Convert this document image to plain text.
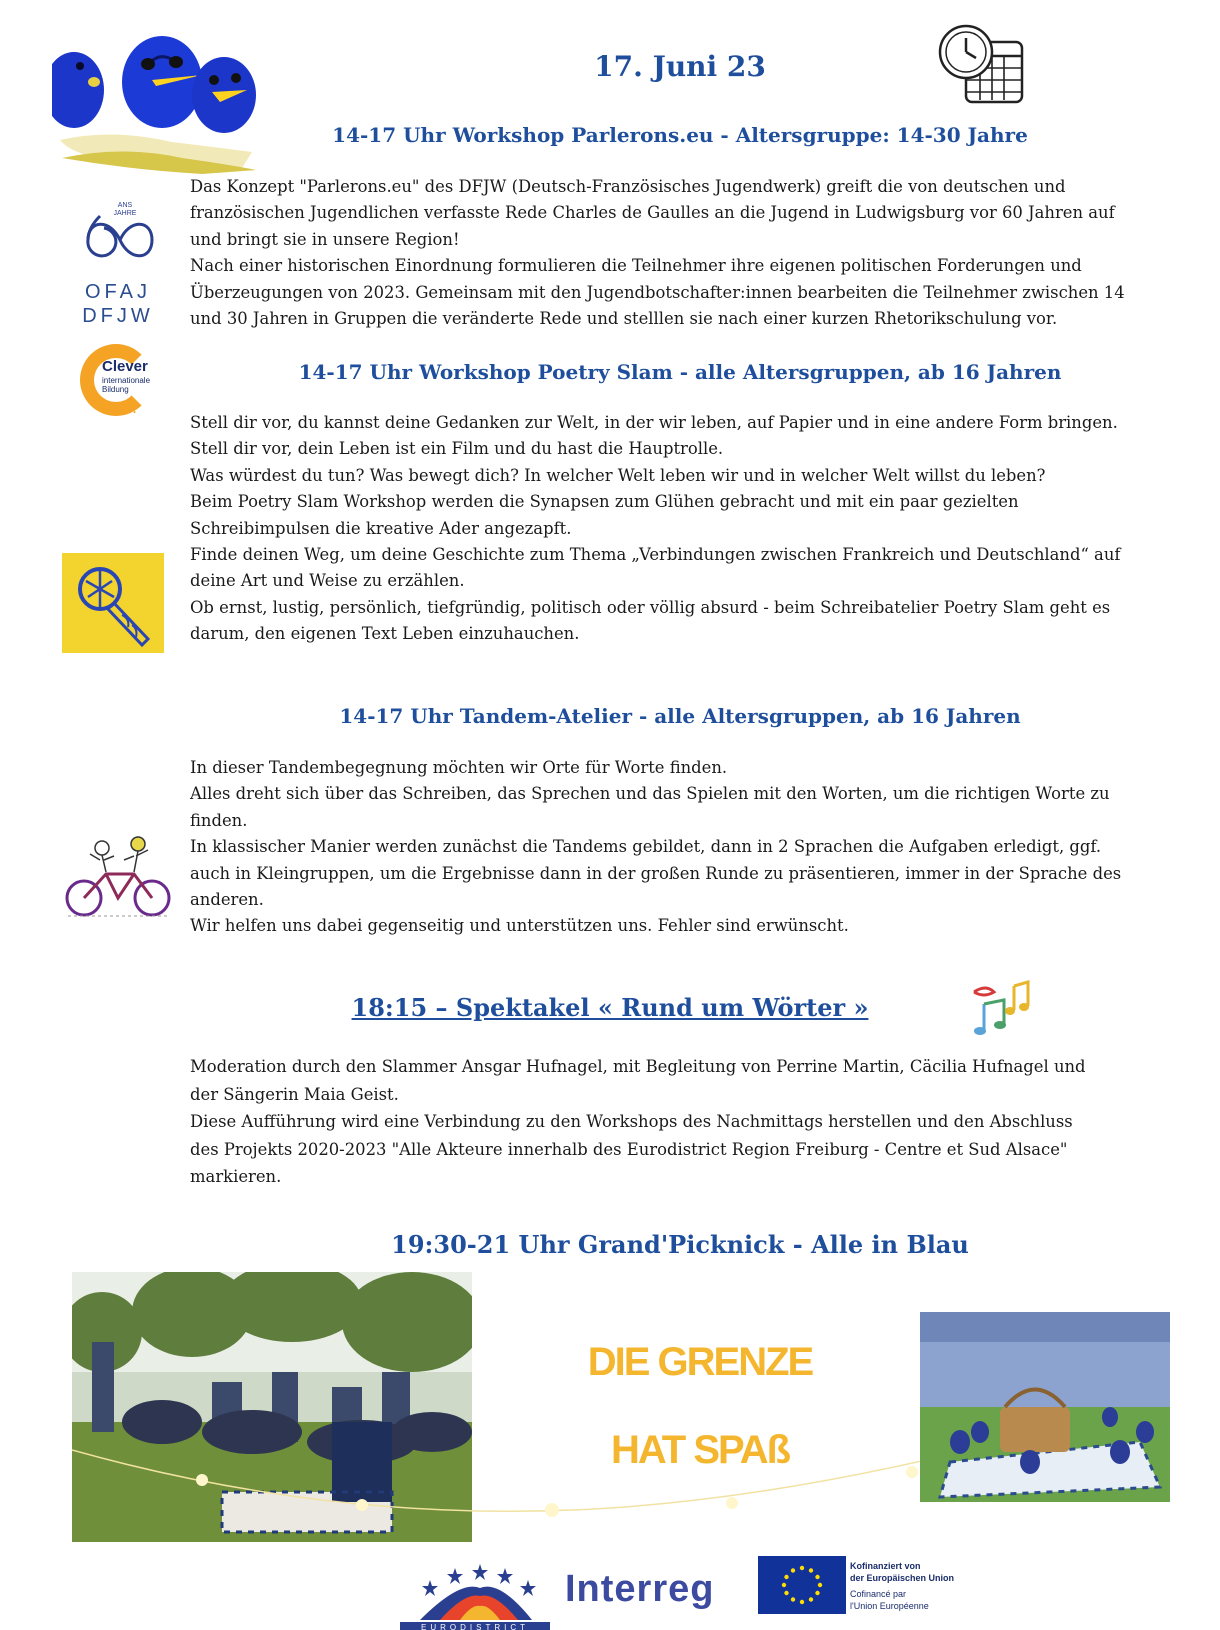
17. Juni 23
14-17 Uhr Workshop Parlerons.eu - Altersgruppe: 14-30 Jahre
ANS JAHRE
OFAJ
DFJW

Das Konzept "Parlerons.eu" des DFJW (Deutsch-Französisches Jugendwerk) greift die von deutschen und

französischen Jugendlichen verfasste Rede Charles de Gaulles an die Jugend in Ludwigsburg vor 60 Jahren auf

und bringt sie in unsere Region!

Nach einer historischen Einordnung formulieren die Teilnehmer ihre eigenen politischen Forderungen und

Überzeugungen von 2023. Gemeinsam mit den Jugendbotschafter:innen bearbeiten die Teilnehmer zwischen 14

und 30 Jahren in Gruppen die veränderte Rede und stelllen sie nach einer kurzen Rhetorikschulung vor.

Clever
internationale Bildung
e.V.
14-17 Uhr Workshop Poetry Slam - alle Altersgruppen, ab 16 Jahren

Stell dir vor, du kannst deine Gedanken zur Welt, in der wir leben, auf Papier und in eine andere Form bringen.

Stell dir vor, dein Leben ist ein Film und du hast die Hauptrolle.

Was würdest du tun? Was bewegt dich? In welcher Welt leben wir und in welcher Welt willst du leben?

Beim Poetry Slam Workshop werden die Synapsen zum Glühen gebracht und mit ein paar gezielten

Schreibimpulsen die kreative Ader angezapft.

Finde deinen Weg, um deine Geschichte zum Thema „Verbindungen zwischen Frankreich und Deutschland“ auf

deine Art und Weise zu erzählen.

Ob ernst, lustig, persönlich, tiefgründig, politisch oder völlig absurd - beim Schreibatelier Poetry Slam geht es

darum, den eigenen Text Leben einzuhauchen.

14-17 Uhr Tandem-Atelier - alle Altersgruppen, ab 16 Jahren

In dieser Tandembegegnung möchten wir Orte für Worte finden.

Alles dreht sich über das Schreiben, das Sprechen und das Spielen mit den Worten, um die richtigen Worte zu

finden.

In klassischer Manier werden zunächst die Tandems gebildet, dann in 2 Sprachen die Aufgaben erledigt, ggf.

auch in Kleingruppen, um die Ergebnisse dann in der großen Runde zu präsentieren, immer in der Sprache des

anderen.

Wir helfen uns dabei gegenseitig und unterstützen uns. Fehler sind erwünscht.

18:15 – Spektakel « Rund um Wörter »

Moderation durch den Slammer Ansgar Hufnagel, mit Begleitung von Perrine Martin, Cäcilia Hufnagel und

der Sängerin Maia Geist.

Diese Aufführung wird eine Verbindung zu den Workshops des Nachmittags herstellen und den Abschluss

des Projekts 2020-2023 "Alle Akteure innerhalb des Eurodistrict Region Freiburg - Centre et Sud Alsace"

markieren.

19:30-21 Uhr Grand'Picknick - Alle in Blau
DIE GRENZE
HAT SPAß
EURODISTRICT
Interreg
Kofinanziert von
der Europäischen Union
Cofinancé par
l'Union Européenne
